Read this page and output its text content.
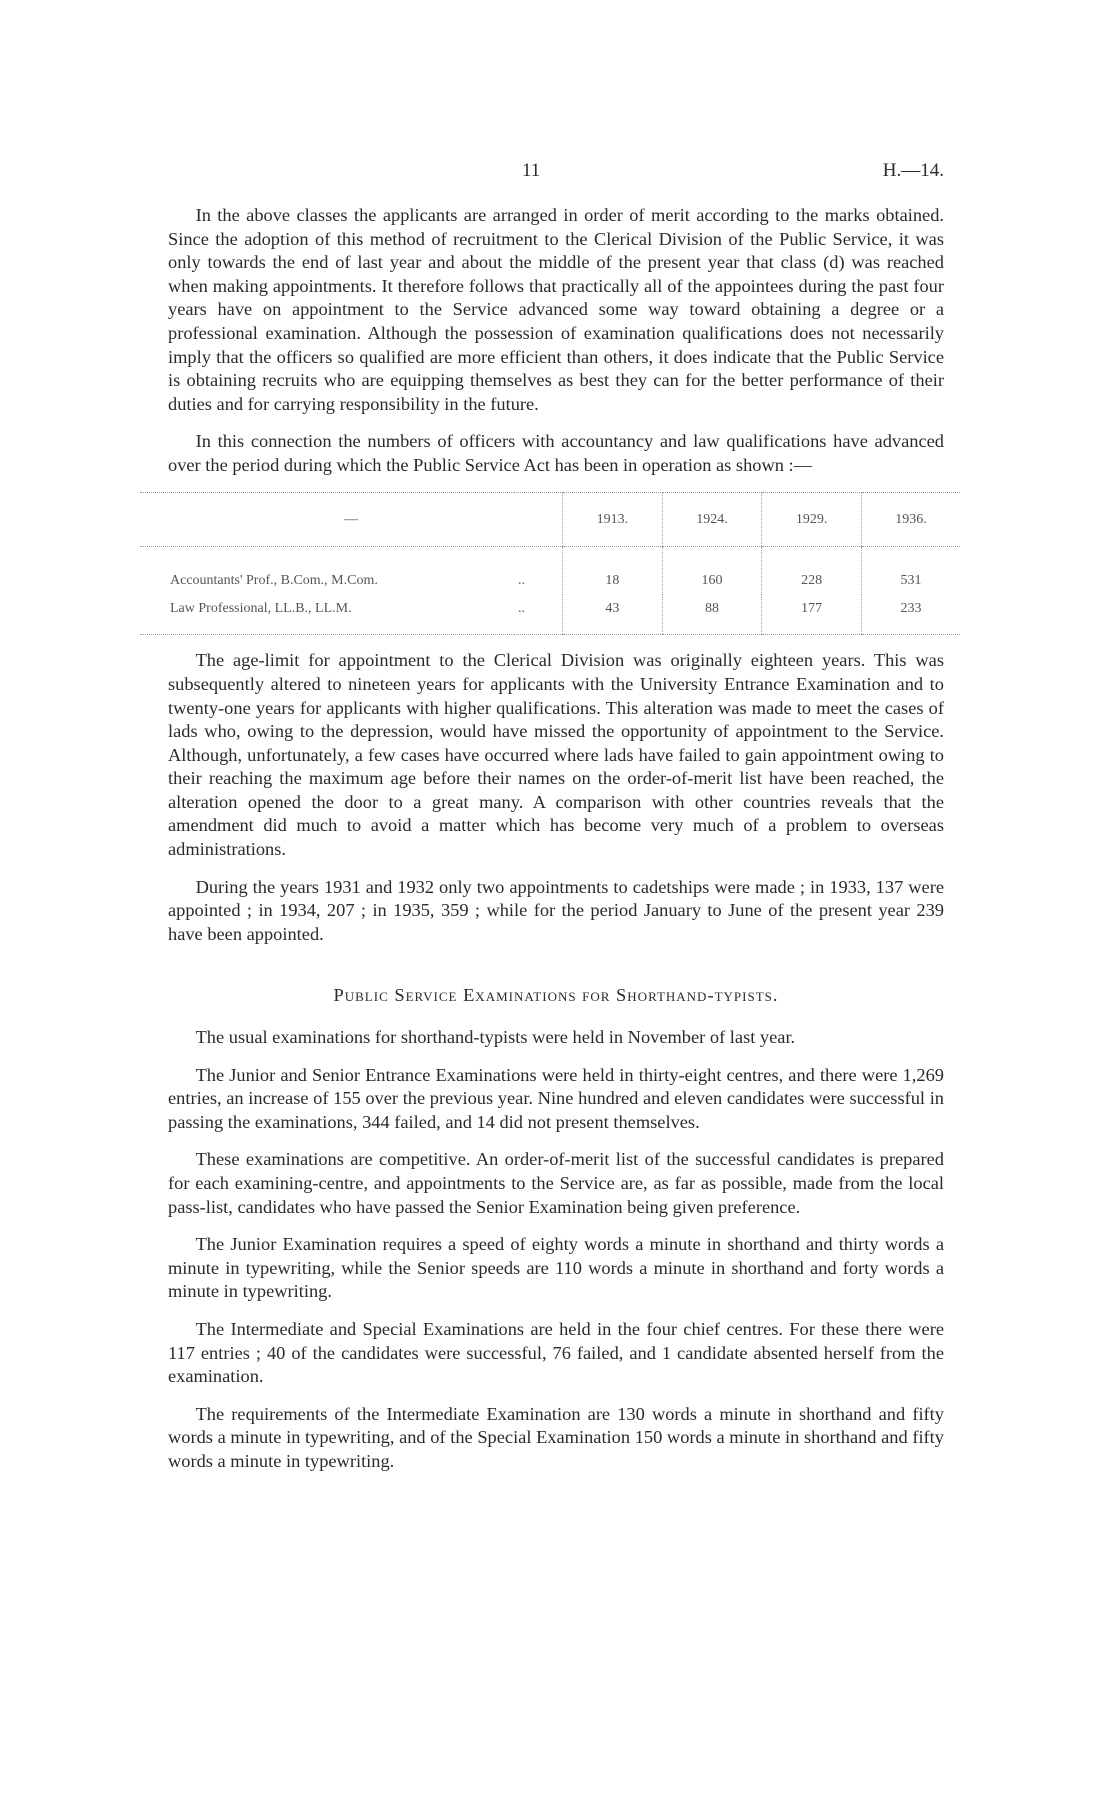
11	H.—14.

In the above classes the applicants are arranged in order of merit according to the marks obtained. Since the adoption of this method of recruitment to the Clerical Division of the Public Service, it was only towards the end of last year and about the middle of the present year that class (d) was reached when making appointments. It therefore follows that practically all of the appointees during the past four years have on appointment to the Service advanced some way toward obtaining a degree or a professional examination. Although the possession of examination qualifications does not necessarily imply that the officers so qualified are more efficient than others, it does indicate that the Public Service is obtaining recruits who are equipping themselves as best they can for the better performance of their duties and for carrying responsibility in the future.

In this connection the numbers of officers with accountancy and law qualifications have advanced over the period during which the Public Service Act has been in operation as shown :—

—		1913.	1924.	1929.	1936.
Accountants' Prof., B.Com., M.Com.	..	18	160	228	531
Law Professional, LL.B., LL.M.	..	43	88	177	233

The age-limit for appointment to the Clerical Division was originally eighteen years. This was subsequently altered to nineteen years for applicants with the University Entrance Examination and to twenty-one years for applicants with higher qualifications. This alteration was made to meet the cases of lads who, owing to the depression, would have missed the opportunity of appointment to the Service. Although, unfortunately, a few cases have occurred where lads have failed to gain appointment owing to their reaching the maximum age before their names on the order-of-merit list have been reached, the alteration opened the door to a great many. A comparison with other countries reveals that the amendment did much to avoid a matter which has become very much of a problem to overseas administrations.

During the years 1931 and 1932 only two appointments to cadetships were made ; in 1933, 137 were appointed ; in 1934, 207 ; in 1935, 359 ; while for the period January to June of the present year 239 have been appointed.

Public Service Examinations for Shorthand-typists.

The usual examinations for shorthand-typists were held in November of last year.

The Junior and Senior Entrance Examinations were held in thirty-eight centres, and there were 1,269 entries, an increase of 155 over the previous year. Nine hundred and eleven candidates were successful in passing the examinations, 344 failed, and 14 did not present themselves.

These examinations are competitive. An order-of-merit list of the successful candidates is prepared for each examining-centre, and appointments to the Service are, as far as possible, made from the local pass-list, candidates who have passed the Senior Examination being given preference.

The Junior Examination requires a speed of eighty words a minute in shorthand and thirty words a minute in typewriting, while the Senior speeds are 110 words a minute in shorthand and forty words a minute in typewriting.

The Intermediate and Special Examinations are held in the four chief centres. For these there were 117 entries ; 40 of the candidates were successful, 76 failed, and 1 candidate absented herself from the examination.

The requirements of the Intermediate Examination are 130 words a minute in shorthand and fifty words a minute in typewriting, and of the Special Examination 150 words a minute in shorthand and fifty words a minute in typewriting.
